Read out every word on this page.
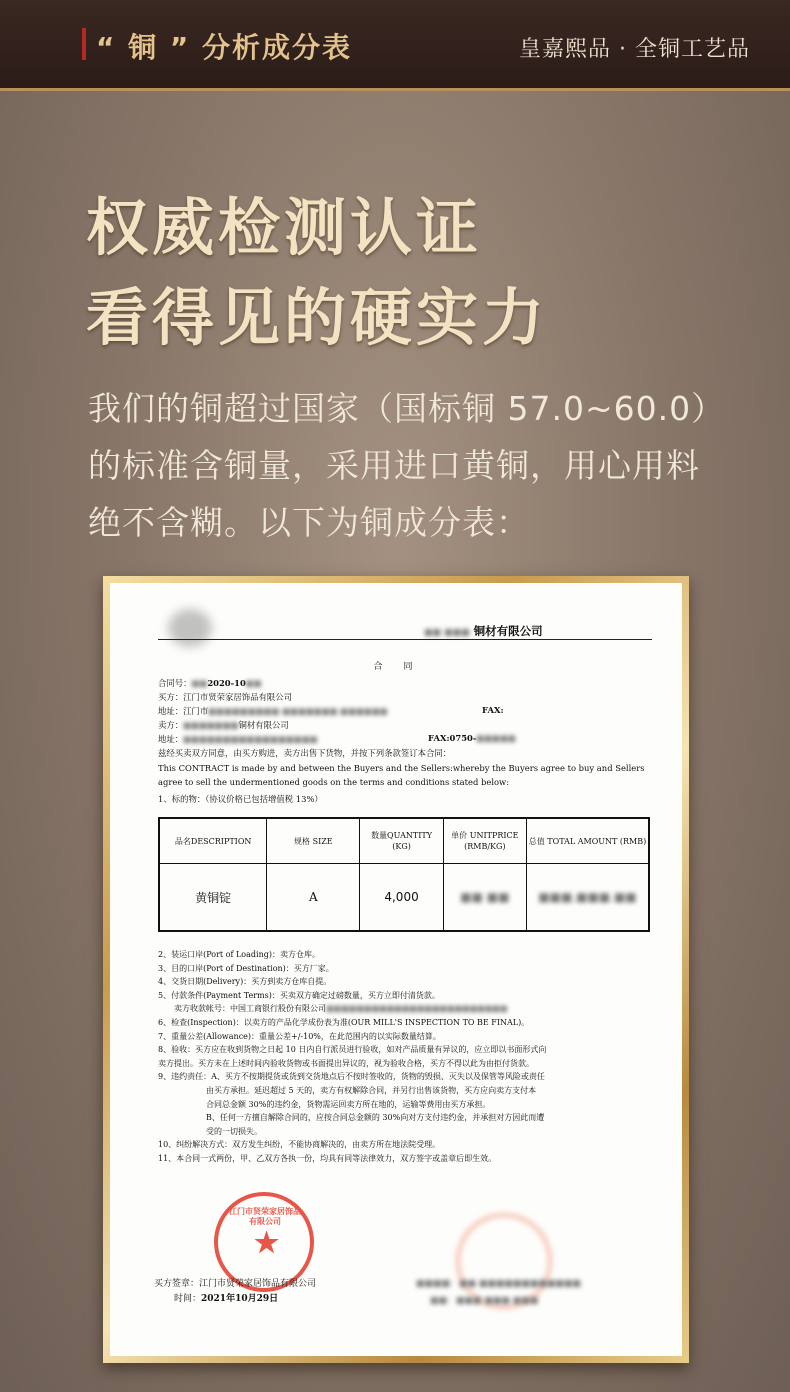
“ 铜 ” 分析成分表	皇嘉熙品 · 全铜工艺品
权威检测认证
看得见的硬实力
我们的铜超过国家（国标铜 57.0~60.0）的标准含铜量，采用进口黄铜，用心用料绝不含糊。以下为铜成分表：
■■ ■■■ 铜材有限公司
合　同
合同号：■■2020-10■■
买方：江门市贤荣家居饰品有限公司
地址：江门市■■■■■■■■■ ■■■■■■■ ■■■■■■	FAX:
卖方：■■■■■■■铜材有限公司
地址：■■■■■■■■■■■■■■■■■	FAX:0750-■■■■■
兹经买卖双方同意，由买方购进，卖方出售下货物，并按下列条款签订本合同：
This CONTRACT is made by and between the Buyers and the Sellers:whereby the Buyers agree to buy and Sellers
agree to sell the undermentioned goods on the terms and conditions stated below:
1、标的物：（协议价格已包括增值税 13%）
品名DESCRIPTION	规格 SIZE	数量QUANTITY (KG)	单价 UNITPRICE (RMB/KG)	总值 TOTAL AMOUNT (RMB)
黄铜锭	A	4,000	■■ ■■	■■■,■■■.■■
2、装运口岸(Port of Loading)：卖方仓库。
3、目的口岸(Port of Destination)：买方厂家。
4、交货日期(Delivery)：买方到卖方仓库自提。
5、付款条件(Payment Terms)：买卖双方确定过磅数量，买方立即付清货款。
　　卖方收款帐号：中国工商银行股份有限公司■■■■■■■■■■■■■■■■■■■■■■■■
6、检查(Inspection)：以卖方的产品化学成份表为准(OUR MILL'S INSPECTION TO BE FINAL)。
7、重量公差(Allowance)：重量公差+/-10%，在此范围内的以实际数量结算。
8、验收：买方应在收到货物之日起 10 日内自行派员进行验收，如对产品质量有异议的，应立即以书面形式向
卖方提出。买方未在上述时间内验收货物或书面提出异议的，视为验收合格，买方不得以此为由拒付货款。
9、违约责任：A、买方不按期提货或货到交货地点后不按时签收的，货物的毁损、灭失以及保管等风险或责任
　　　　　　由买方承担。延迟超过 5 天的，卖方有权解除合同，并另行出售该货物，买方应向卖方支付本
　　　　　　合同总金额 30%的违约金，货物需运回卖方所在地的，运输等费用由买方承担。
　　　　　　B、任何一方擅自解除合同的，应按合同总金额的 30%向对方支付违约金，并承担对方因此而遭
　　　　　　受的一切损失。
10、纠纷解决方式：双方发生纠纷，不能协商解决的，由卖方所在地法院受理。
11、本合同一式两份，甲、乙双方各执一份，均具有同等法律效力，双方签字或盖章后即生效。
江门市贤荣家居饰品有限公司
★
买方签章：江门市贤荣家居饰品有限公司
时间：2021年10月29日
■■■■：■■ ■■■■■■■■■■■■
■■：■■■ ■■■ ■■■
